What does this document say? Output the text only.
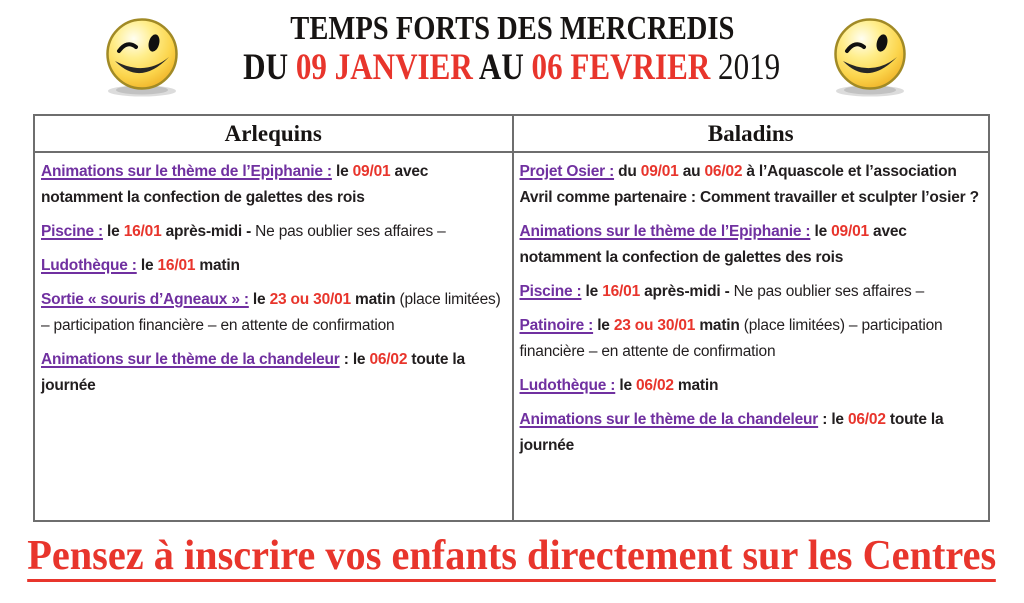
TEMPS FORTS DES MERCREDIS
DU 09 JANVIER AU 06 FEVRIER 2019
Arlequins	Baladins

Animations sur le thème de l’Epiphanie : le 09/01 avec notamment la confection de galettes des rois

Piscine : le 16/01 après-midi - Ne pas oublier ses affaires –

Ludothèque : le 16/01 matin

Sortie « souris d’Agneaux » : le 23 ou 30/01 matin (place limitées) – participation financière – en attente de confirmation

Animations sur le thème de la chandeleur : le 06/02 toute la journée

Projet Osier : du 09/01 au 06/02 à l’Aquascole et l’association Avril comme partenaire : Comment travailler et sculpter l’osier ?

Animations sur le thème de l’Epiphanie : le 09/01 avec notamment la confection de galettes des rois

Piscine : le 16/01 après-midi - Ne pas oublier ses affaires –

Patinoire : le 23 ou 30/01 matin (place limitées) – participation financière – en attente de confirmation

Ludothèque : le 06/02 matin

Animations sur le thème de la chandeleur : le 06/02 toute la journée

Pensez à inscrire vos enfants directement sur les Centres
